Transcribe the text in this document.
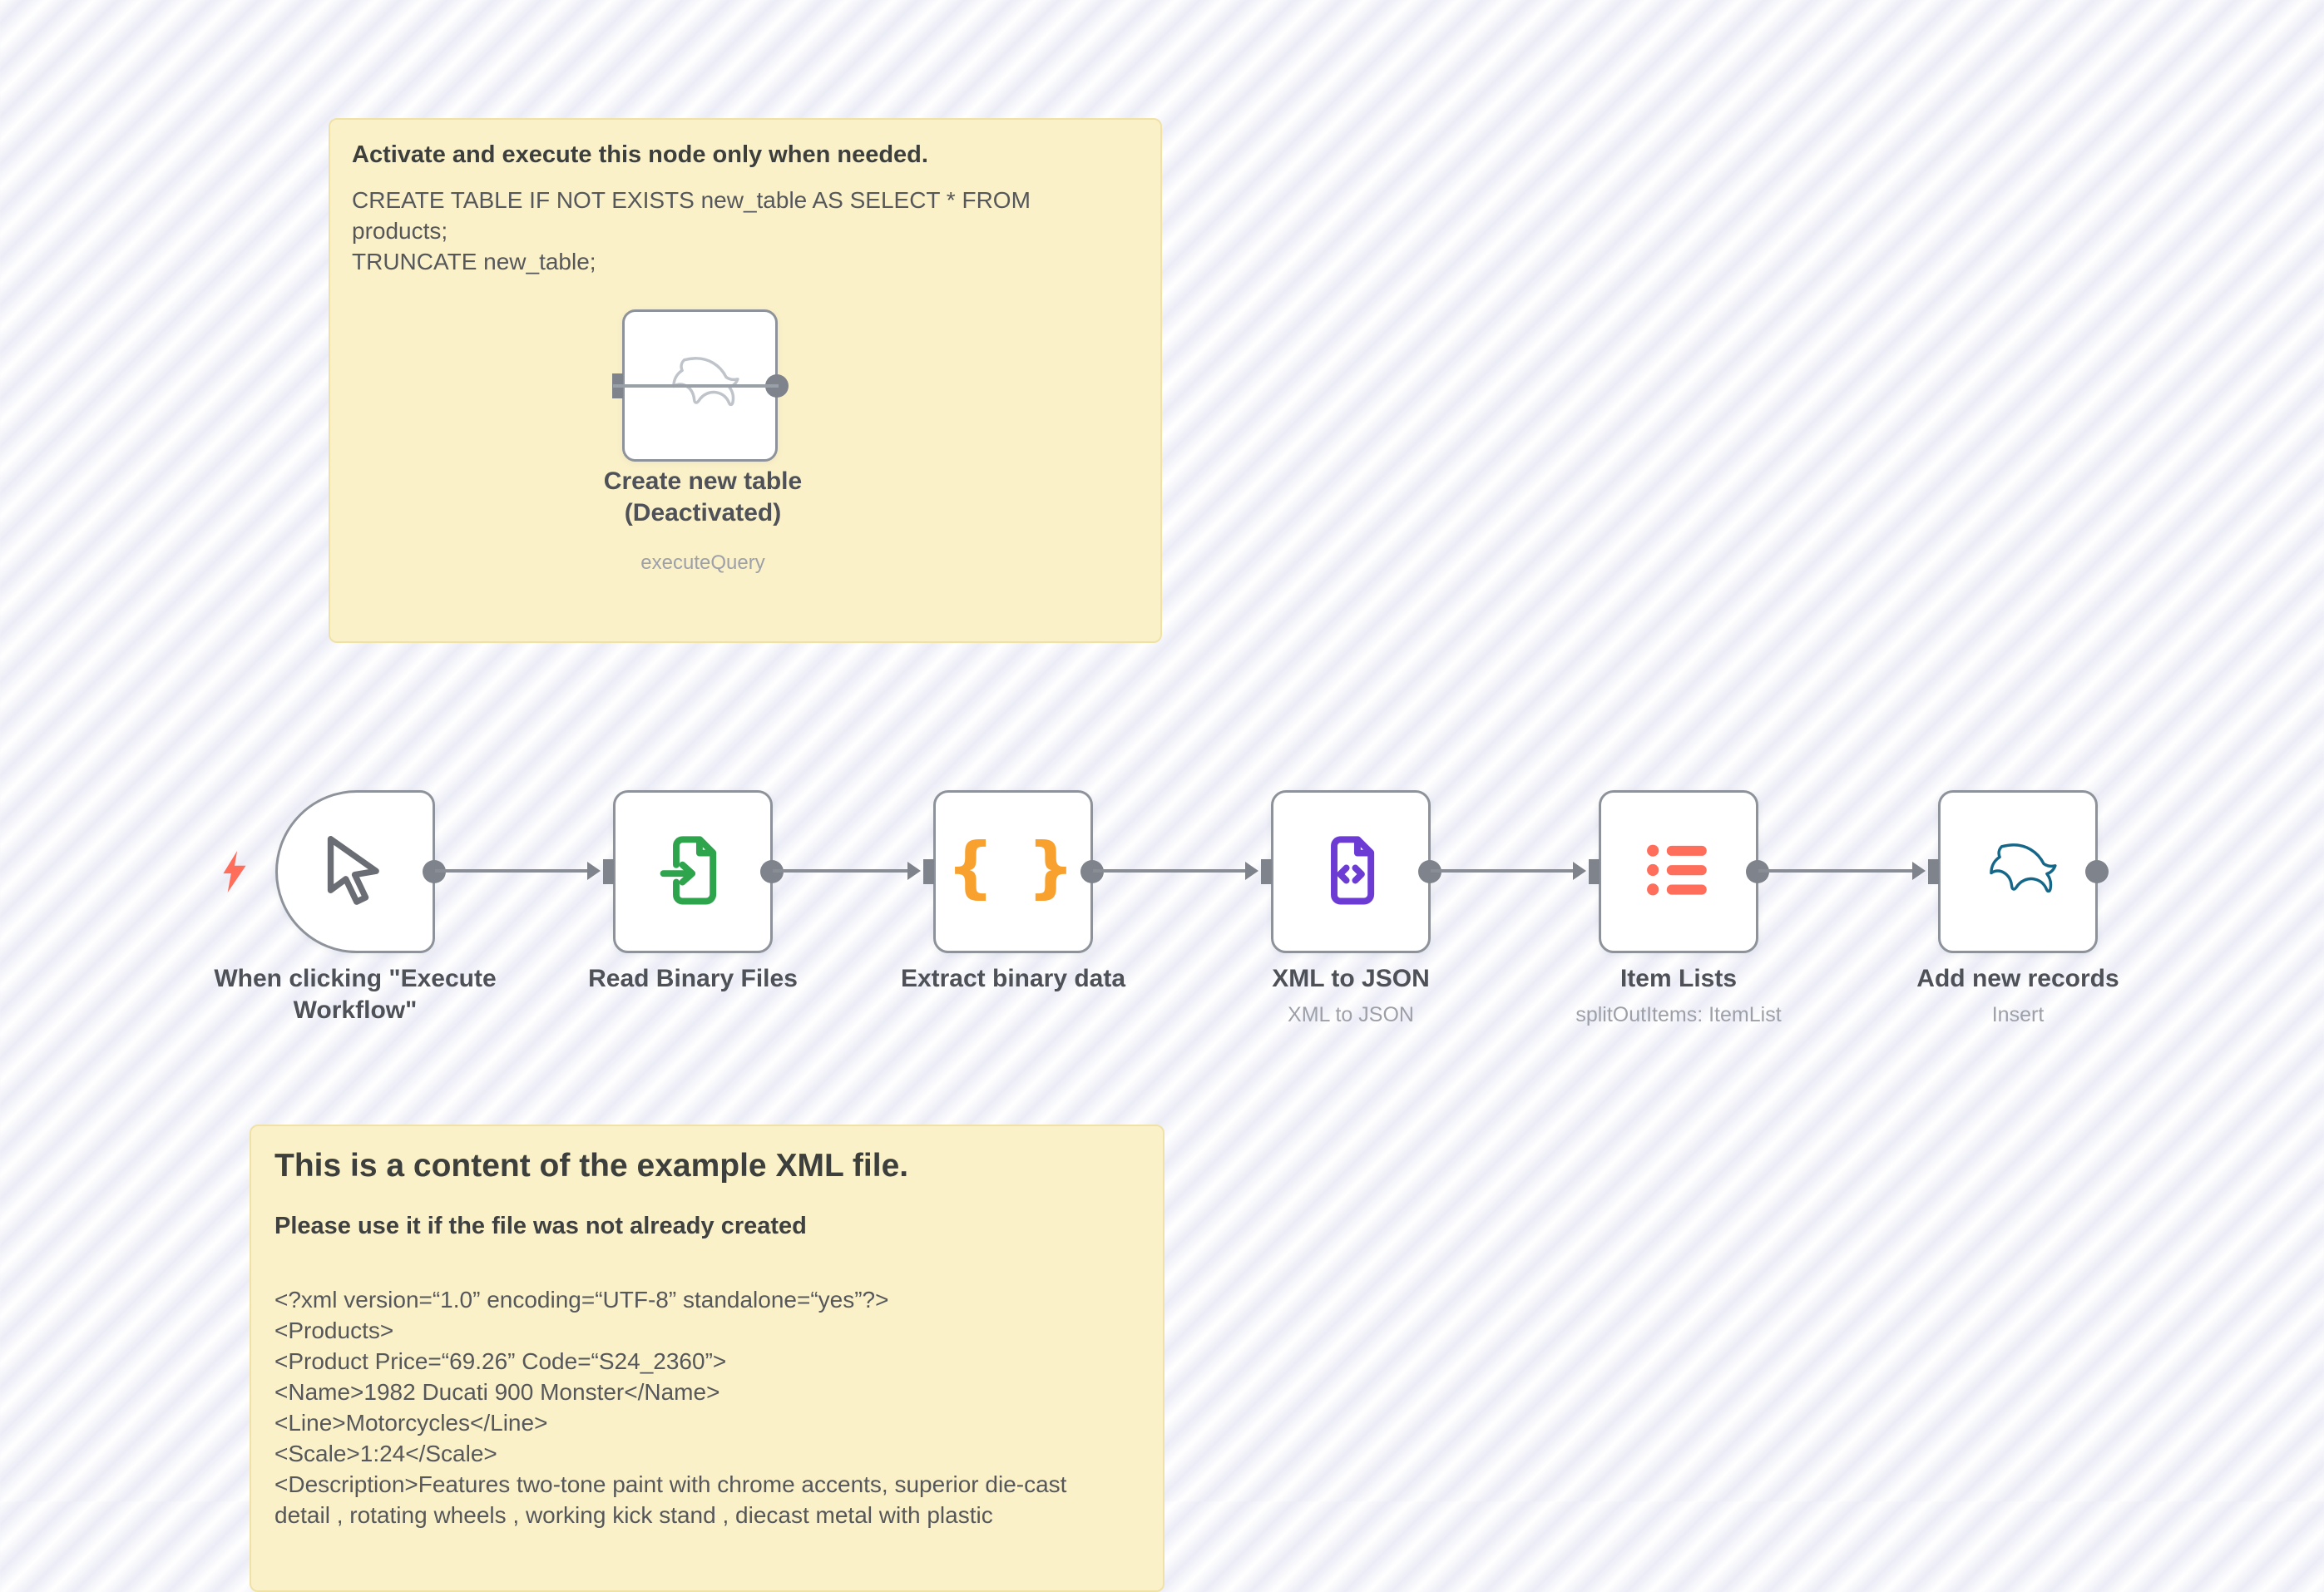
Activate and execute this node only when needed.
CREATE TABLE IF NOT EXISTS new_table AS SELECT * FROM
products;
TRUNCATE new_table;
Create new table
(Deactivated)
executeQuery
{ }
When clicking "Execute Workflow"
Read Binary Files	Extract binary data	XML to JSON
XML to JSON
Item Lists
splitOutItems: ItemList
Add new records
Insert
This is a content of the example XML file.
Please use it if the file was not already created
<?xml version=“1.0” encoding=“UTF-8” standalone=“yes”?>
<Products>
<Product Price=“69.26” Code=“S24_2360”>
<Name>1982 Ducati 900 Monster</Name>
<Line>Motorcycles</Line>
<Scale>1:24</Scale>
<Description>Features two-tone paint with chrome accents, superior die-cast
detail , rotating wheels , working kick stand , diecast metal with plastic
